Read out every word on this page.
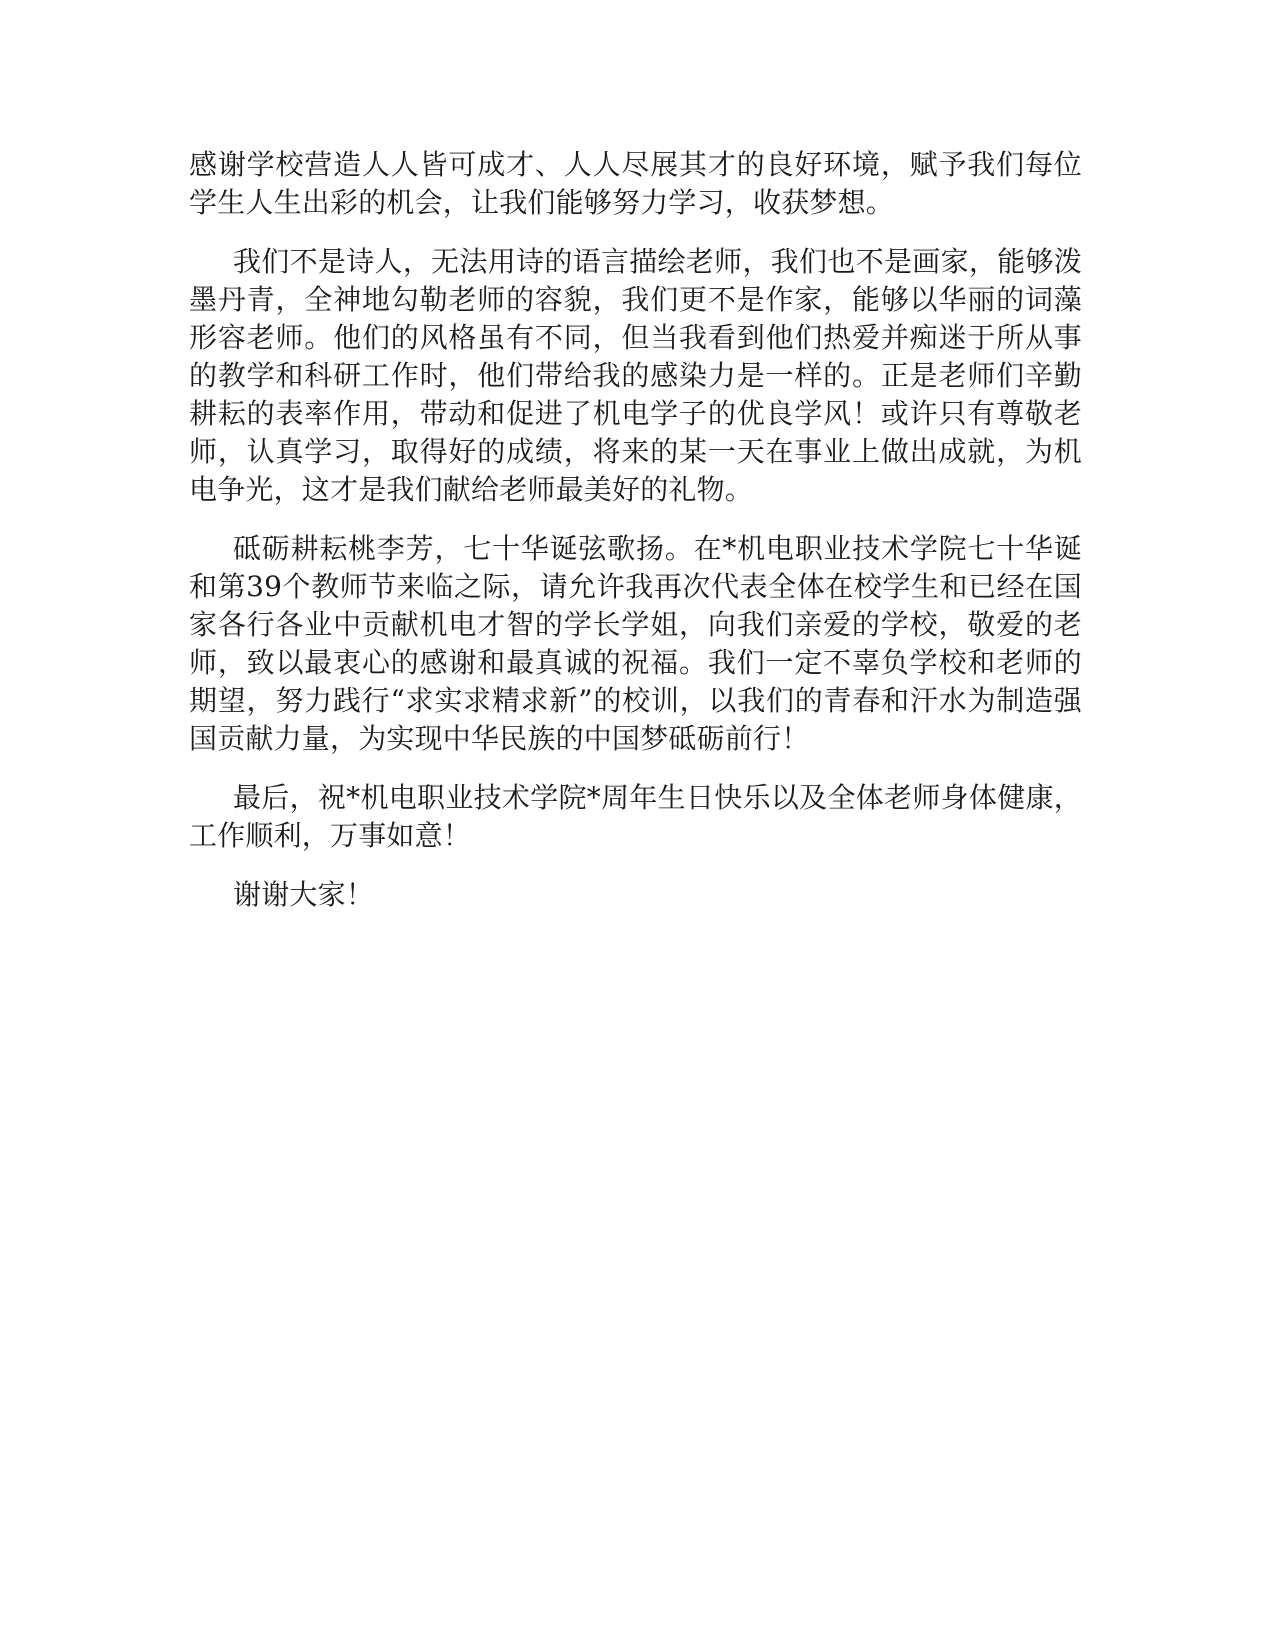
感谢学校营造人人皆可成才、人人尽展其才的良好环境，赋予我们每位学生人生出彩的机会，让我们能够努力学习，收获梦想。

我们不是诗人，无法用诗的语言描绘老师，我们也不是画家，能够泼墨丹青，全神地勾勒老师的容貌，我们更不是作家，能够以华丽的词藻形容老师。他们的风格虽有不同，但当我看到他们热爱并痴迷于所从事的教学和科研工作时，他们带给我的感染力是一样的。正是老师们辛勤耕耘的表率作用，带动和促进了机电学子的优良学风！或许只有尊敬老师，认真学习，取得好的成绩，将来的某一天在事业上做出成就，为机电争光，这才是我们献给老师最美好的礼物。

砥砺耕耘桃李芳，七十华诞弦歌扬。在*机电职业技术学院七十华诞和第39个教师节来临之际，请允许我再次代表全体在校学生和已经在国家各行各业中贡献机电才智的学长学姐，向我们亲爱的学校，敬爱的老师，致以最衷心的感谢和最真诚的祝福。我们一定不辜负学校和老师的期望，努力践行“求实求精求新”的校训，以我们的青春和汗水为制造强国贡献力量，为实现中华民族的中国梦砥砺前行！

最后，祝*机电职业技术学院*周年生日快乐以及全体老师身体健康，工作顺利，万事如意！

谢谢大家！
